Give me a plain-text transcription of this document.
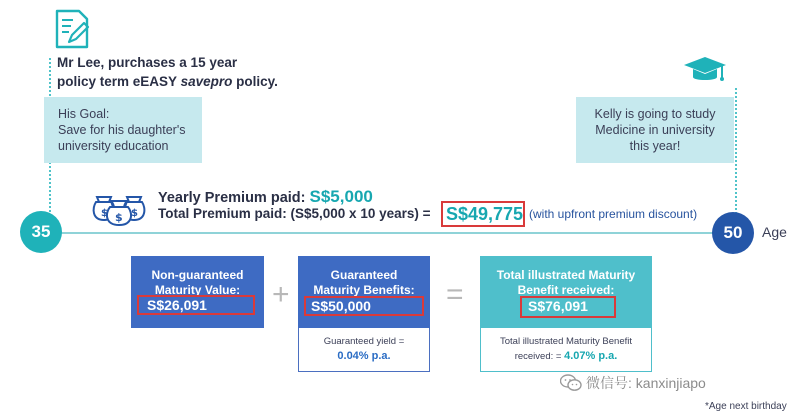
Mr Lee, purchases a 15 year
policy term eEASY savepro policy.
His Goal:
Save for his daughter's
university education
Kelly is going to study
Medicine in university
this year!
$ $
$
Yearly Premium paid: S$5,000
Total Premium paid: (S$5,000 x 10 years) = S$49,775 (with upfront premium discount)
35	50	Age
Non-guaranteed
Maturity Value:
S$26,091	+
Guaranteed
Maturity Benefits:
S$50,000	=
Total illustrated Maturity
Benefit received:
S$76,091
Guaranteed yield =
0.04% p.a.
Total illustrated Maturity Benefit
received: = 4.07% p.a.
微信号: kanxinjiapo
*Age next birthday
